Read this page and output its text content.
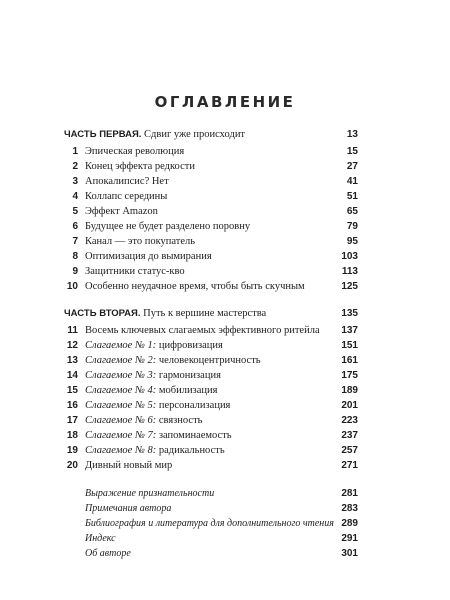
ОГЛАВЛЕНИЕ
ЧАСТЬ ПЕРВАЯ. Сдвиг уже происходит	13
1 Эпическая революция	15
2 Конец эффекта редкости	27
3 Апокалипсис? Нет	41
4 Коллапс середины	51
5 Эффект Amazon	65
6 Будущее не будет разделено поровну	79
7 Канал — это покупатель	95
8 Оптимизация до вымирания	103
9 Защитники статус-кво	113
10 Особенно неудачное время, чтобы быть скучным	125
ЧАСТЬ ВТОРАЯ. Путь к вершине мастерства	135
11 Восемь ключевых слагаемых эффективного ритейла	137
12 Слагаемое № 1: цифровизация	151
13 Слагаемое № 2: человекоцентричность	161
14 Слагаемое № 3: гармонизация	175
15 Слагаемое № 4: мобилизация	189
16 Слагаемое № 5: персонализация	201
17 Слагаемое № 6: связность	223
18 Слагаемое № 7: запоминаемость	237
19 Слагаемое № 8: радикальность	257
20 Дивный новый мир	271
Выражение признательности	281
Примечания автора	283
Библиография и литература для дополнительного чтения 289
Индекс	291
Об авторе	301
